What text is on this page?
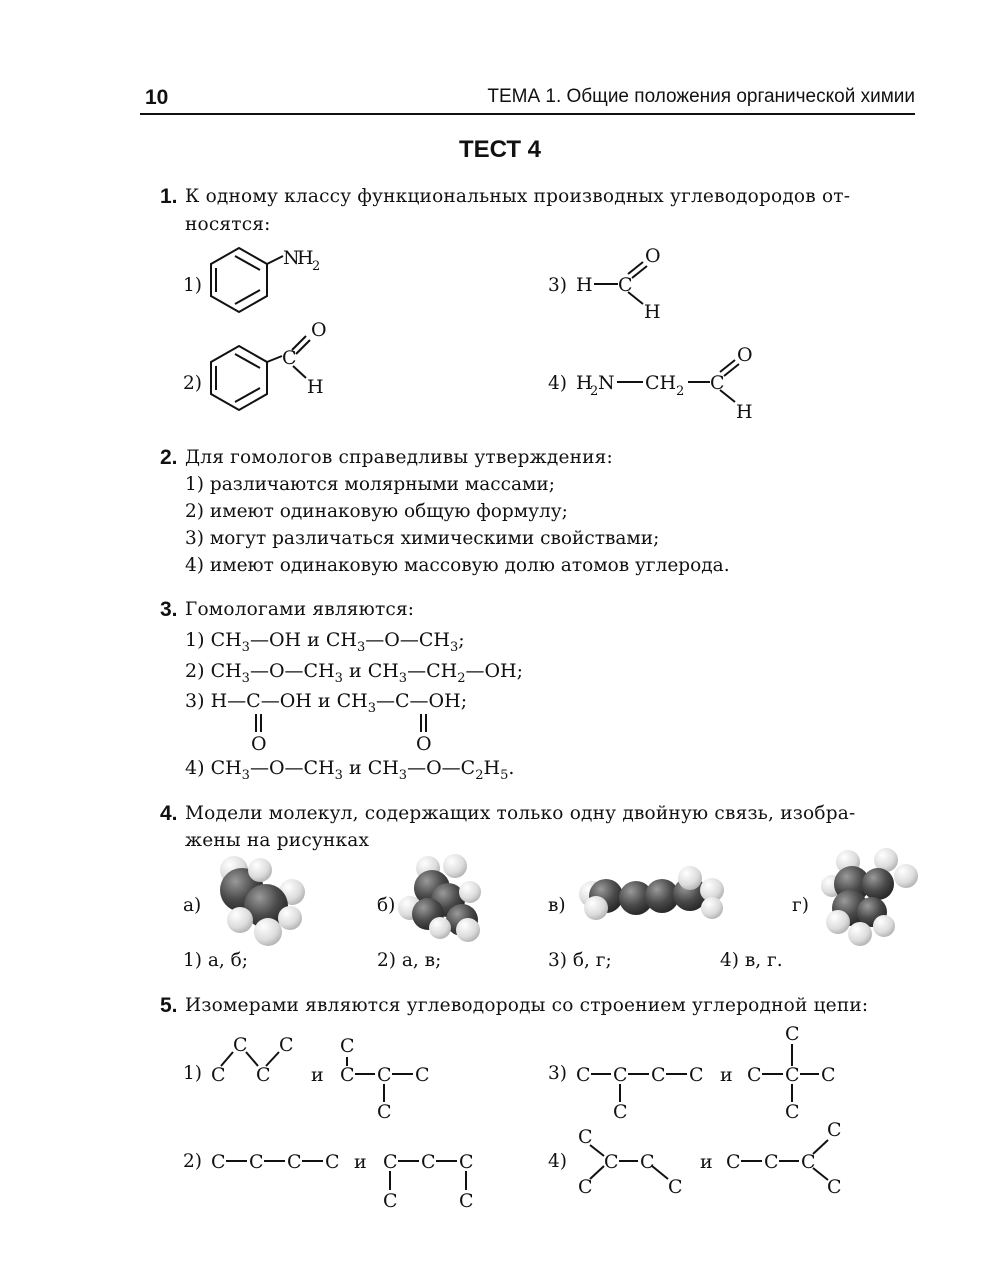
10	ТЕМА 1. Общие положения органической химии
ТЕСТ 4
1. К одному классу функциональных производных углеводородов от-
носятся:
1)
2)
3)
4)
N
H
2
C
O
H
H C
O
H
H
2 N CH 2 C
O
H
2. Для гомологов справедливы утверждения:
1) различаются молярными массами;
2) имеют одинаковую общую формулу;
3) могут различаться химическими свойствами;
4) имеют одинаковую массовую долю атомов углерода.
3. Гомологами являются:
1) $CH_3—OH$ и $CH_3—O—CH_3$;
2) $CH_3—O—CH_3$ и $CH_3—CH_2—OH$;
3) H—C—OH и $CH_3—C—OH$;
O	O
4) $CH_3—O—CH_3$ и $CH_3—O—C_2H_5$.
4. Модели молекул, содержащих только одну двойную связь, изобра-
жены на рисунках
а)	б)	в)	г)
1) а, б;	2) а, в;	3) б, г;	4) в, г.
5. Изомерами являются углеводороды со строением углеродной цепи:
1)	3)
2)	4)
C
C
C
C
и
C
C C C
C
C C C C
C
и C
C
C C
C
C C C C и C C C
C	C
C
C C
C	C
и C C C
C
C
